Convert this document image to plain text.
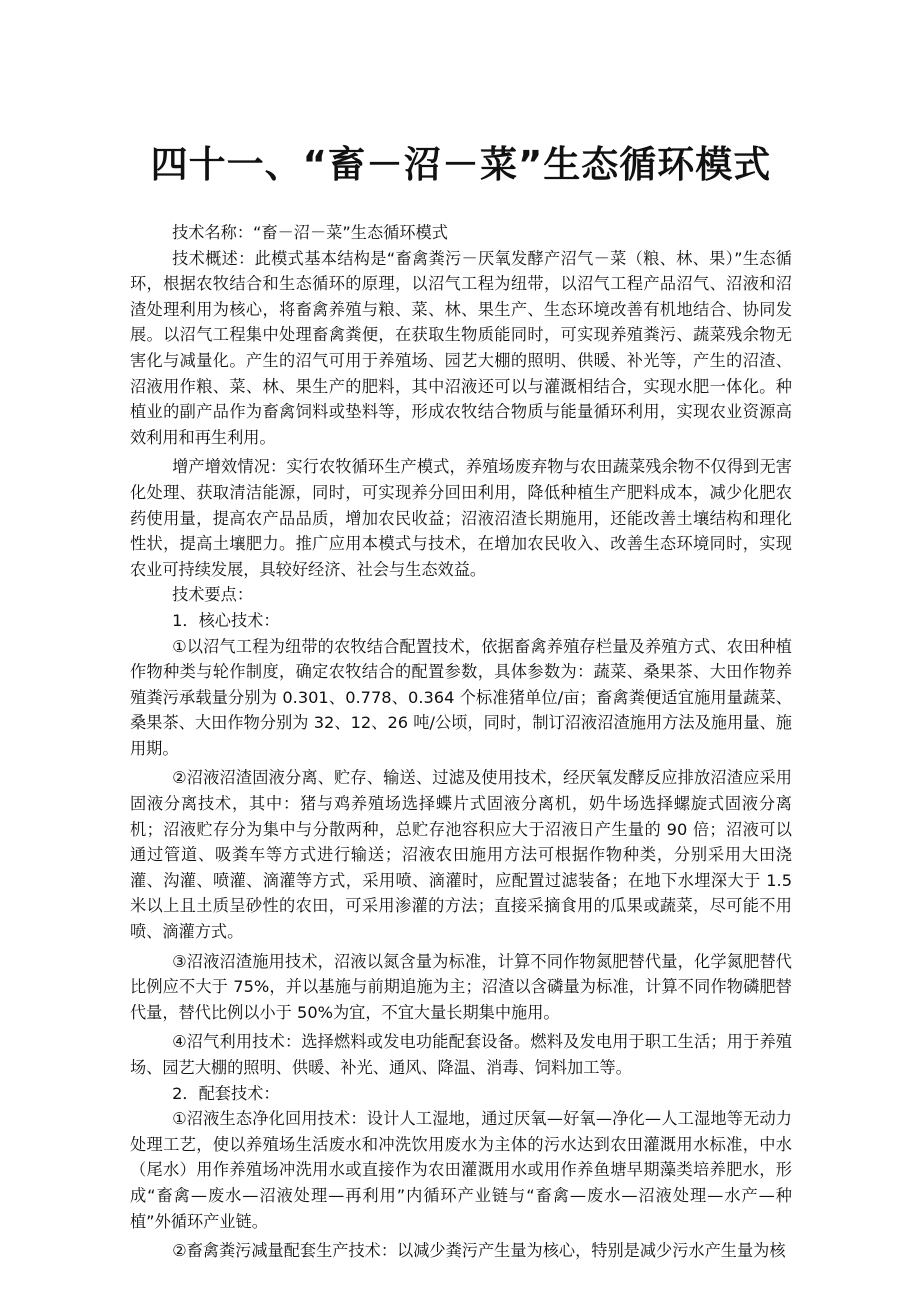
四十一、“畜－沼－菜”生态循环模式

技术名称：“畜－沼－菜”生态循环模式

技术概述：此模式基本结构是“畜禽粪污－厌氧发酵产沼气－菜（粮、林、果）”生态循环，根据农牧结合和生态循环的原理，以沼气工程为纽带，以沼气工程产品沼气、沼液和沼渣处理利用为核心，将畜禽养殖与粮、菜、林、果生产、生态环境改善有机地结合、协同发展。以沼气工程集中处理畜禽粪便，在获取生物质能同时，可实现养殖粪污、蔬菜残余物无害化与减量化。产生的沼气可用于养殖场、园艺大棚的照明、供暖、补光等，产生的沼渣、沼液用作粮、菜、林、果生产的肥料，其中沼液还可以与灌溉相结合，实现水肥一体化。种植业的副产品作为畜禽饲料或垫料等，形成农牧结合物质与能量循环利用，实现农业资源高效利用和再生利用。

增产增效情况：实行农牧循环生产模式，养殖场废弃物与农田蔬菜残余物不仅得到无害化处理、获取清洁能源，同时，可实现养分回田利用，降低种植生产肥料成本，减少化肥农药使用量，提高农产品品质，增加农民收益；沼液沼渣长期施用，还能改善土壤结构和理化性状，提高土壤肥力。推广应用本模式与技术，在增加农民收入、改善生态环境同时，实现农业可持续发展，具较好经济、社会与生态效益。

技术要点：

1．核心技术：

①以沼气工程为纽带的农牧结合配置技术，依据畜禽养殖存栏量及养殖方式、农田种植作物种类与轮作制度，确定农牧结合的配置参数，具体参数为：蔬菜、桑果茶、大田作物养殖粪污承载量分别为 0.301、0.778、0.364 个标准猪单位/亩；畜禽粪便适宜施用量蔬菜、桑果茶、大田作物分别为 32、12、26 吨/公顷，同时，制订沼液沼渣施用方法及施用量、施用期。

②沼液沼渣固液分离、贮存、输送、过滤及使用技术，经厌氧发酵反应排放沼渣应采用固液分离技术，其中：猪与鸡养殖场选择蝶片式固液分离机，奶牛场选择螺旋式固液分离机；沼液贮存分为集中与分散两种，总贮存池容积应大于沼液日产生量的 90 倍；沼液可以通过管道、吸粪车等方式进行输送；沼液农田施用方法可根据作物种类，分别采用大田浇灌、沟灌、喷灌、滴灌等方式，采用喷、滴灌时，应配置过滤装备；在地下水埋深大于 1.5 米以上且土质呈砂性的农田，可采用渗灌的方法；直接采摘食用的瓜果或蔬菜，尽可能不用喷、滴灌方式。

③沼液沼渣施用技术，沼液以氮含量为标准，计算不同作物氮肥替代量，化学氮肥替代比例应不大于 75%，并以基施与前期追施为主；沼渣以含磷量为标准，计算不同作物磷肥替代量，替代比例以小于 50%为宜，不宜大量长期集中施用。

④沼气利用技术：选择燃料或发电功能配套设备。燃料及发电用于职工生活；用于养殖场、园艺大棚的照明、供暖、补光、通风、降温、消毒、饲料加工等。

2．配套技术：

①沼液生态净化回用技术：设计人工湿地，通过厌氧—好氧—净化—人工湿地等无动力处理工艺，使以养殖场生活废水和冲洗饮用废水为主体的污水达到农田灌溉用水标准，中水（尾水）用作养殖场冲洗用水或直接作为农田灌溉用水或用作养鱼塘早期藻类培养肥水，形成“畜禽—废水—沼液处理—再利用”内循环产业链与“畜禽—废水—沼液处理—水产—种植”外循环产业链。

②畜禽粪污减量配套生产技术：以减少粪污产生量为核心，特别是减少污水产生量为核
